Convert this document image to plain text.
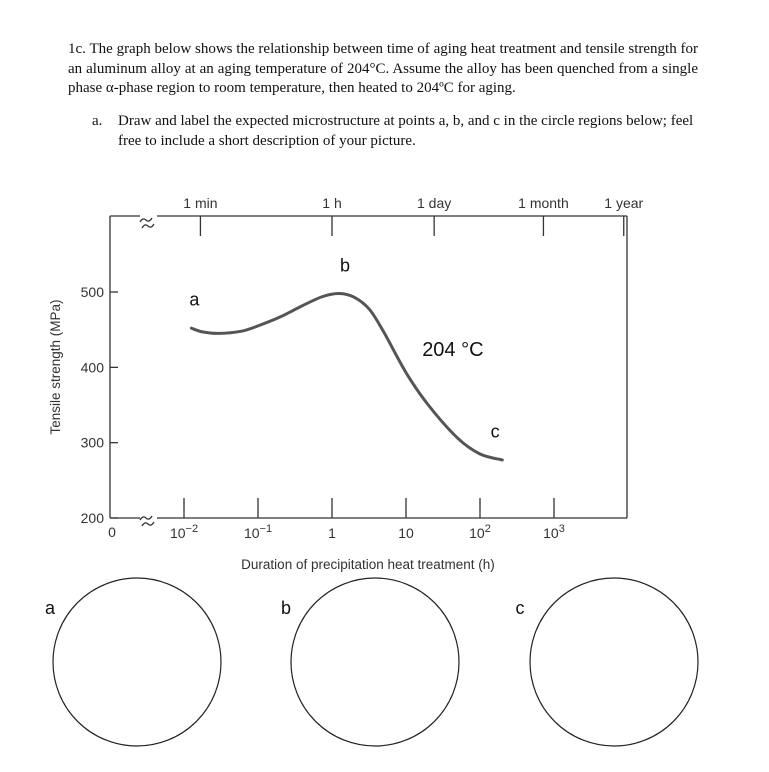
1c. The graph below shows the relationship between time of aging heat treatment and tensile strength for an aluminum alloy at an aging temperature of 204°C. Assume the alloy has been quenched from a single phase α-phase region to room temperature, then heated to 204ºC for aging.

a. Draw and label the expected microstructure at points a, b, and c in the circle regions below; feel free to include a short description of your picture.
200
300
400
500
$10^{-2}$	$10^{-1}$	1	10	$10^2$	$10^3$
1 min	1 h	1 day	1 month	1 year
a
b
c
204 °C
Duration of precipitation heat treatment (h)
Tensile strength (MPa)
0
a	b	c
